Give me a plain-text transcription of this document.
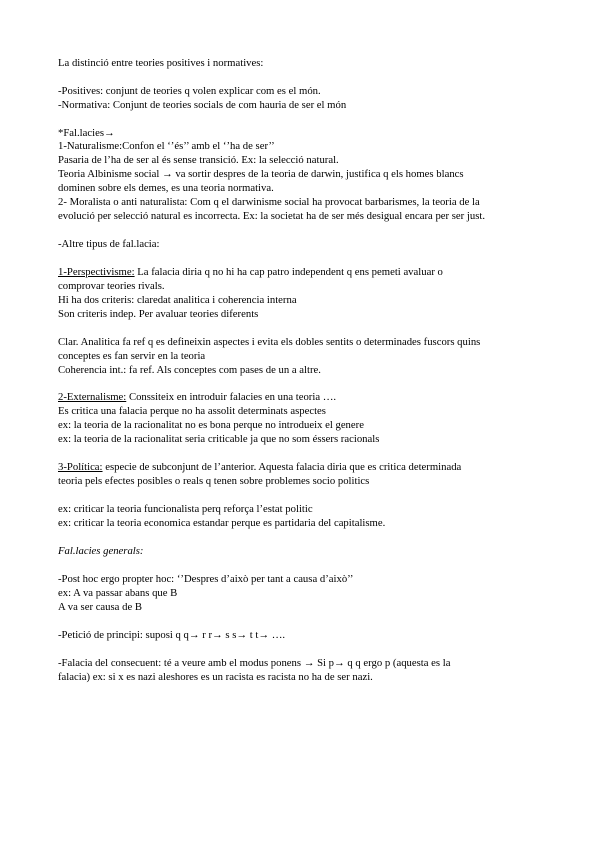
La distinció entre teories positives i normatives:
-Positives: conjunt de teories q volen explicar com es el món.
-Normativa: Conjunt de teories socials de com hauria de ser el món
*Fal.lacies→
1-Naturalisme:Confon el ‘’és’’ amb el ‘’ha de ser’’
Pasaria de l’ha de ser al és sense transició. Ex: la selecció natural.
Teoria Albinisme social → va sortir despres de la teoria de darwin, justifica q els homes blancs
dominen sobre els demes, es una teoria normativa.
2- Moralista o anti naturalista: Com q el darwinisme social ha provocat barbarismes, la teoria de la
evolució per selecció natural es incorrecta. Ex: la societat ha de ser més desigual encara per ser just.
-Altre tipus de fal.lacia:
1-Perspectivisme: La falacia diria q no hi ha cap patro independent q ens pemeti avaluar o
comprovar teories rivals.
Hi ha dos criteris: claredat analitica i coherencia interna
Son criteris indep. Per avaluar teories diferents
Clar. Analitica fa ref q es defineixin aspectes i evita els dobles sentits o determinades fuscors quins
conceptes es fan servir en la teoria
Coherencia int.: fa ref. Als conceptes com pases de un a altre.
2-Externalisme: Conssiteix en introduir falacies en una teoria ….
Es critica una falacia perque no ha assolit determinats aspectes
ex: la teoria de la racionalitat no es bona perque no introdueix el genere
ex: la teoria de la racionalitat seria criticable ja que no som éssers racionals
3-Política: especie de subconjunt de l’anterior. Aquesta falacia diria que es critica determinada
teoria pels efectes posibles o reals q tenen sobre problemes socio politics
ex: criticar la teoria funcionalista perq reforça l’estat politic
ex: criticar la teoria economica estandar perque es partidaria del capitalisme.
Fal.lacies generals:
-Post hoc ergo propter hoc: ‘’Despres d’això per tant a causa d’això’’
ex: A va passar abans que B
A va ser causa de B
-Petició de principi: suposi q q→ r r→ s s→ t t→ ….
-Falacia del consecuent: té a veure amb el modus ponens → Si p→ q q ergo p (aquesta es la
falacia) ex: si x es nazi aleshores es un racista es racista no ha de ser nazi.
